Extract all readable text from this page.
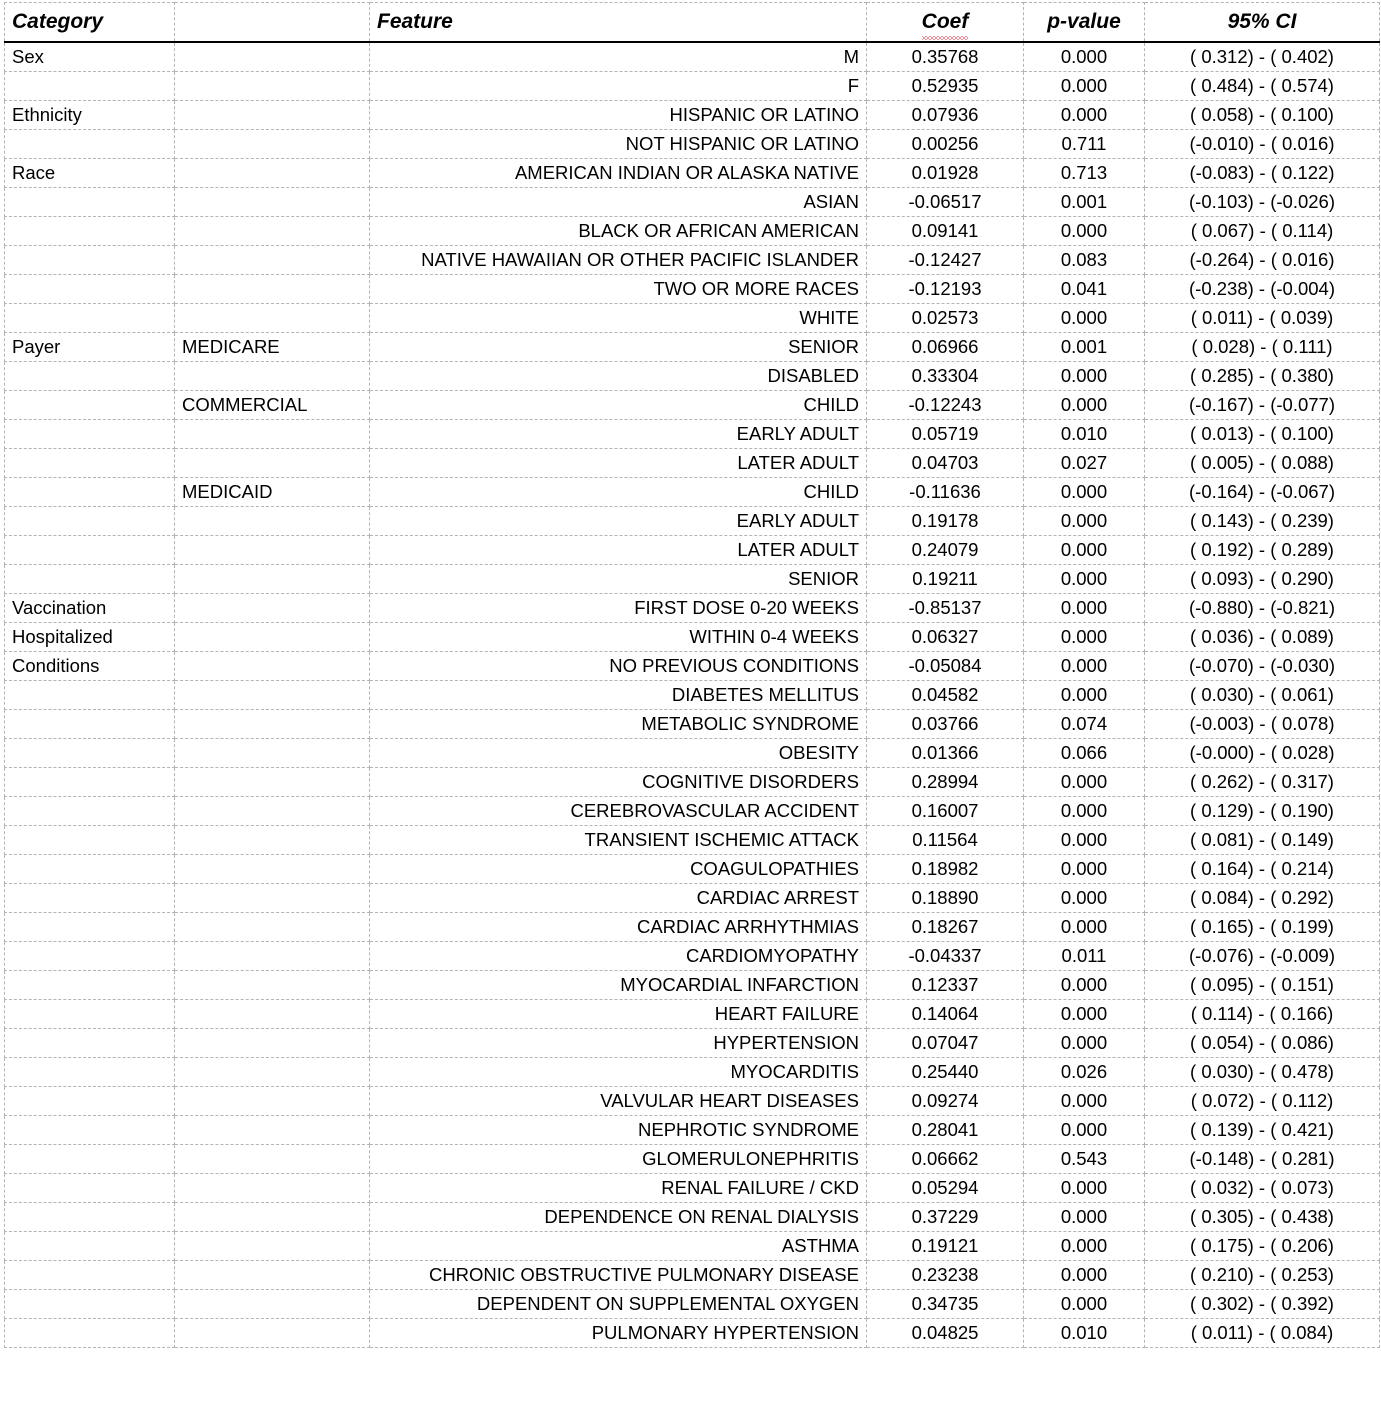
Category		Feature	Coef	p-value	95% CI
Sex		M	0.35768	0.000	( 0.312) - ( 0.402)
		F	0.52935	0.000	( 0.484) - ( 0.574)
Ethnicity		HISPANIC OR LATINO	0.07936	0.000	( 0.058) - ( 0.100)
		NOT HISPANIC OR LATINO	0.00256	0.711	(-0.010) - ( 0.016)
Race		AMERICAN INDIAN OR ALASKA NATIVE	0.01928	0.713	(-0.083) - ( 0.122)
		ASIAN	-0.06517	0.001	(-0.103) - (-0.026)
		BLACK OR AFRICAN AMERICAN	0.09141	0.000	( 0.067) - ( 0.114)
		NATIVE HAWAIIAN OR OTHER PACIFIC ISLANDER	-0.12427	0.083	(-0.264) - ( 0.016)
		TWO OR MORE RACES	-0.12193	0.041	(-0.238) - (-0.004)
		WHITE	0.02573	0.000	( 0.011) - ( 0.039)
Payer	MEDICARE	SENIOR	0.06966	0.001	( 0.028) - ( 0.111)
		DISABLED	0.33304	0.000	( 0.285) - ( 0.380)
	COMMERCIAL	CHILD	-0.12243	0.000	(-0.167) - (-0.077)
		EARLY ADULT	0.05719	0.010	( 0.013) - ( 0.100)
		LATER ADULT	0.04703	0.027	( 0.005) - ( 0.088)
	MEDICAID	CHILD	-0.11636	0.000	(-0.164) - (-0.067)
		EARLY ADULT	0.19178	0.000	( 0.143) - ( 0.239)
		LATER ADULT	0.24079	0.000	( 0.192) - ( 0.289)
		SENIOR	0.19211	0.000	( 0.093) - ( 0.290)
Vaccination		FIRST DOSE 0-20 WEEKS	-0.85137	0.000	(-0.880) - (-0.821)
Hospitalized		WITHIN 0-4 WEEKS	0.06327	0.000	( 0.036) - ( 0.089)
Conditions		NO PREVIOUS CONDITIONS	-0.05084	0.000	(-0.070) - (-0.030)
		DIABETES MELLITUS	0.04582	0.000	( 0.030) - ( 0.061)
		METABOLIC SYNDROME	0.03766	0.074	(-0.003) - ( 0.078)
		OBESITY	0.01366	0.066	(-0.000) - ( 0.028)
		COGNITIVE DISORDERS	0.28994	0.000	( 0.262) - ( 0.317)
		CEREBROVASCULAR ACCIDENT	0.16007	0.000	( 0.129) - ( 0.190)
		TRANSIENT ISCHEMIC ATTACK	0.11564	0.000	( 0.081) - ( 0.149)
		COAGULOPATHIES	0.18982	0.000	( 0.164) - ( 0.214)
		CARDIAC ARREST	0.18890	0.000	( 0.084) - ( 0.292)
		CARDIAC ARRHYTHMIAS	0.18267	0.000	( 0.165) - ( 0.199)
		CARDIOMYOPATHY	-0.04337	0.011	(-0.076) - (-0.009)
		MYOCARDIAL INFARCTION	0.12337	0.000	( 0.095) - ( 0.151)
		HEART FAILURE	0.14064	0.000	( 0.114) - ( 0.166)
		HYPERTENSION	0.07047	0.000	( 0.054) - ( 0.086)
		MYOCARDITIS	0.25440	0.026	( 0.030) - ( 0.478)
		VALVULAR HEART DISEASES	0.09274	0.000	( 0.072) - ( 0.112)
		NEPHROTIC SYNDROME	0.28041	0.000	( 0.139) - ( 0.421)
		GLOMERULONEPHRITIS	0.06662	0.543	(-0.148) - ( 0.281)
		RENAL FAILURE / CKD	0.05294	0.000	( 0.032) - ( 0.073)
		DEPENDENCE ON RENAL DIALYSIS	0.37229	0.000	( 0.305) - ( 0.438)
		ASTHMA	0.19121	0.000	( 0.175) - ( 0.206)
		CHRONIC OBSTRUCTIVE PULMONARY DISEASE	0.23238	0.000	( 0.210) - ( 0.253)
		DEPENDENT ON SUPPLEMENTAL OXYGEN	0.34735	0.000	( 0.302) - ( 0.392)
		PULMONARY HYPERTENSION	0.04825	0.010	( 0.011) - ( 0.084)
